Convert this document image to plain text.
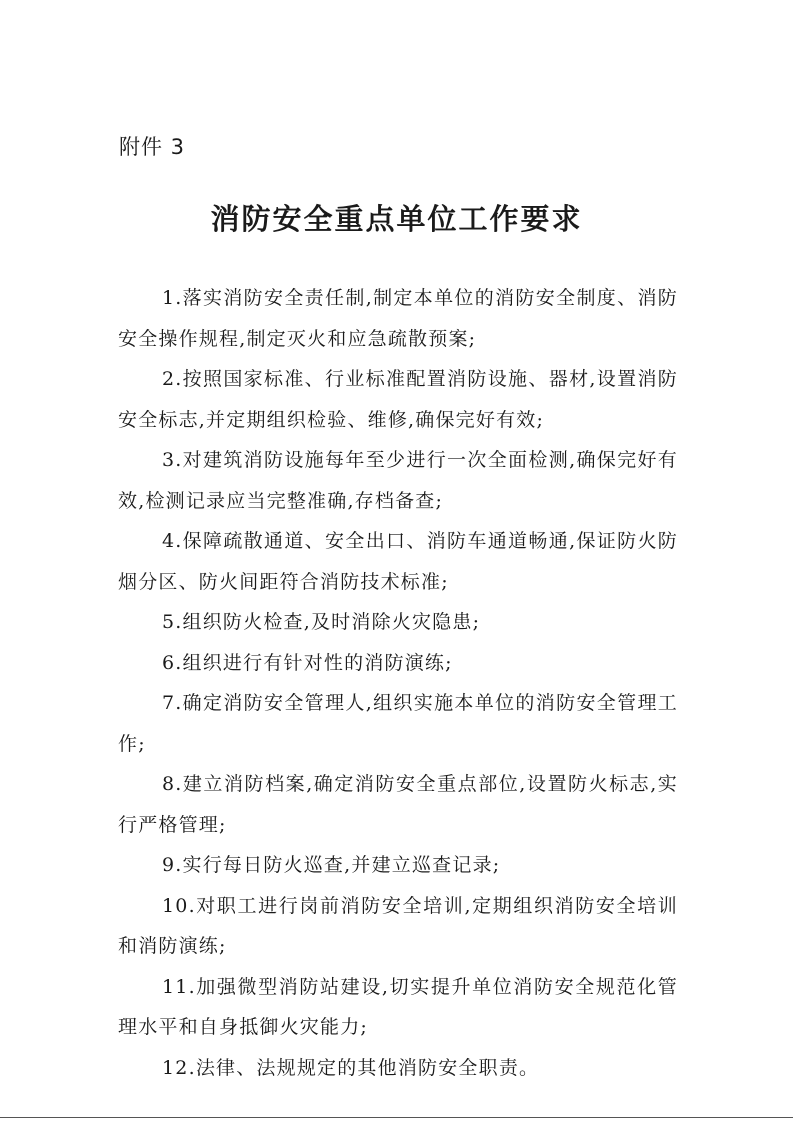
附件 3
消防安全重点单位工作要求
1.落实消防安全责任制,制定本单位的消防安全制度、消防安全操作规程,制定灭火和应急疏散预案;
2.按照国家标准、行业标准配置消防设施、器材,设置消防安全标志,并定期组织检验、维修,确保完好有效;
3.对建筑消防设施每年至少进行一次全面检测,确保完好有效,检测记录应当完整准确,存档备查;
4.保障疏散通道、安全出口、消防车通道畅通,保证防火防烟分区、防火间距符合消防技术标准;
5.组织防火检查,及时消除火灾隐患;
6.组织进行有针对性的消防演练;
7.确定消防安全管理人,组织实施本单位的消防安全管理工作;
8.建立消防档案,确定消防安全重点部位,设置防火标志,实行严格管理;
9.实行每日防火巡查,并建立巡查记录;
10.对职工进行岗前消防安全培训,定期组织消防安全培训和消防演练;
11.加强微型消防站建设,切实提升单位消防安全规范化管理水平和自身抵御火灾能力;
12.法律、法规规定的其他消防安全职责。
